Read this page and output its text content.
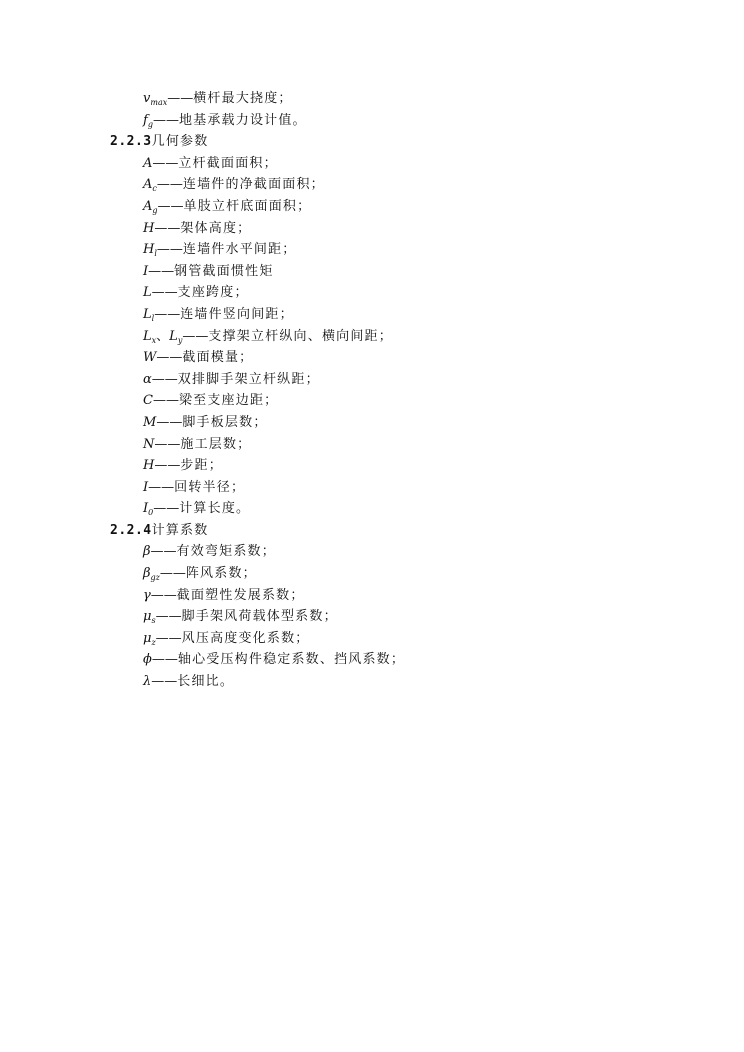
$v_{max}——$横杆最大挠度；
$f_g——$地基承载力设计值。
2.2.3几何参数
A——立杆截面面积；
$A_c——$连墙件的净截面面积；
$A_g——$单肢立杆底面面积；
H——架体高度；
$H_l——$连墙件水平间距；
I——钢管截面惯性矩
L——支座跨度；
$L_l——$连墙件竖向间距；
$L_x$、$L_y——$支撑架立杆纵向、横向间距；
W——截面模量；
α——双排脚手架立杆纵距；
C——梁至支座边距；
M——脚手板层数；
N——施工层数；
H——步距；
I——回转半径；
$I_0——$计算长度。
2.2.4计算系数
β——有效弯矩系数；
$\beta_{gz}——$阵风系数；
γ——截面塑性发展系数；
$\mu_s——$脚手架风荷载体型系数；
$\mu_z——$风压高度变化系数；
ϕ——轴心受压构件稳定系数、挡风系数；
λ——长细比。
